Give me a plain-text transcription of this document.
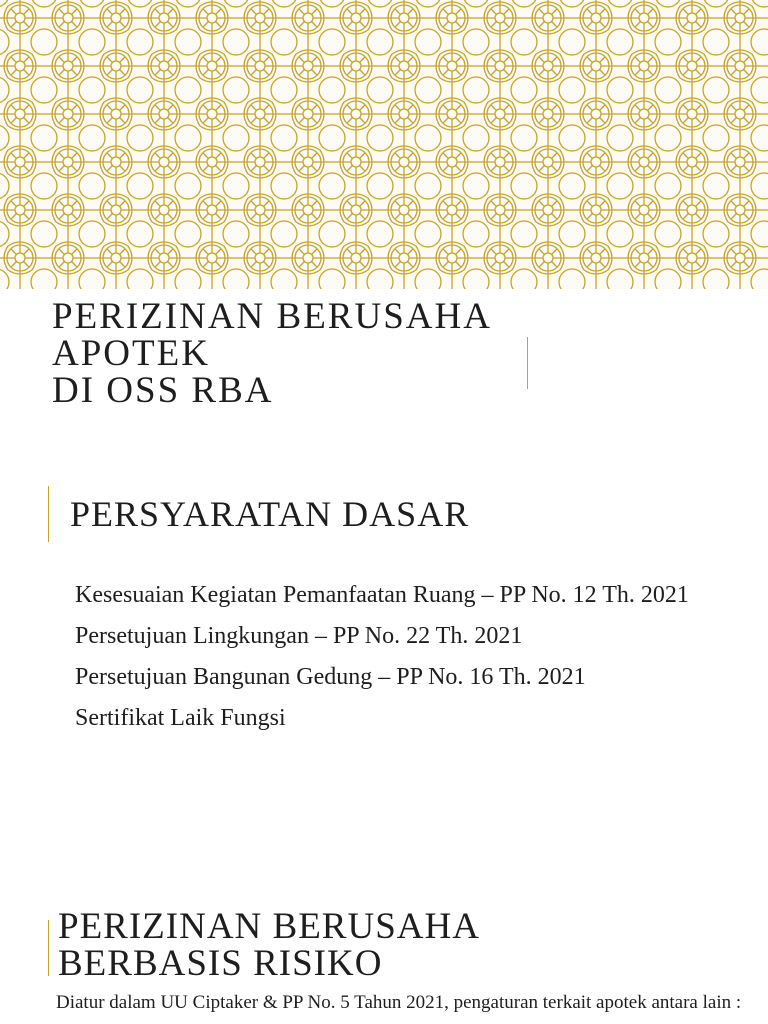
PERIZINAN BERUSAHA
APOTEK
DI OSS RBA
PERSYARATAN DASAR
Kesesuaian Kegiatan Pemanfaatan Ruang – PP No. 12 Th. 2021
Persetujuan Lingkungan – PP No. 22 Th. 2021
Persetujuan Bangunan Gedung – PP No. 16 Th. 2021
Sertifikat Laik Fungsi
PERIZINAN BERUSAHA
BERBASIS RISIKO

Diatur dalam UU Ciptaker & PP No. 5 Tahun 2021, pengaturan terkait apotek antara lain :
